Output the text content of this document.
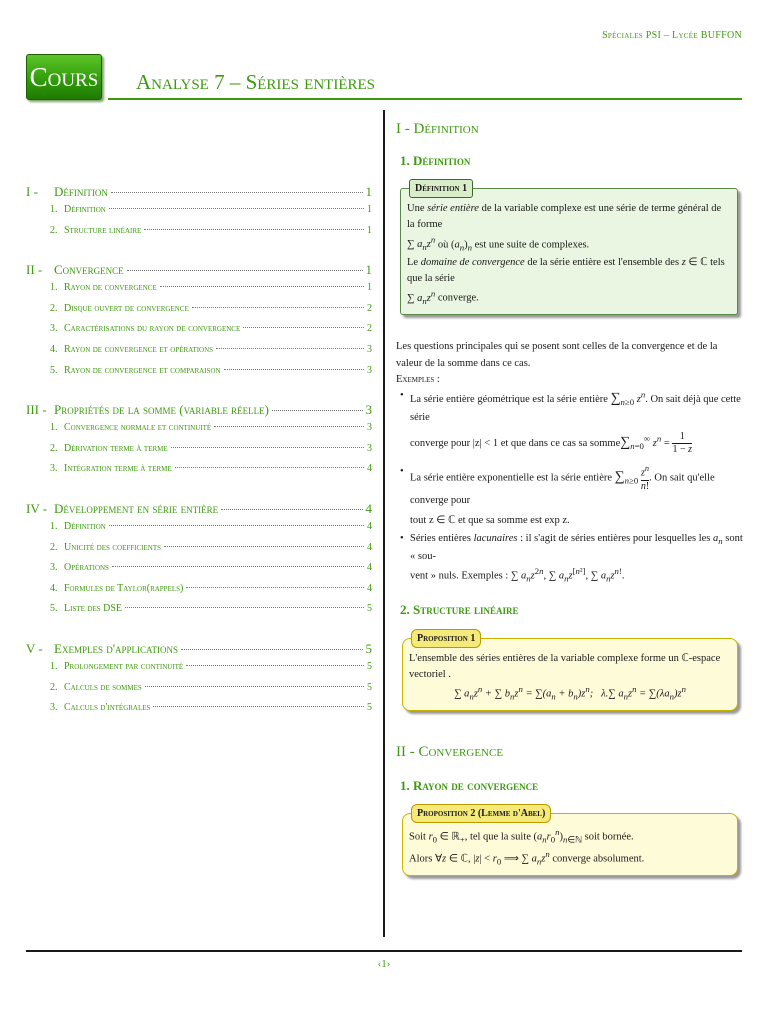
Spéciales PSI – Lycée BUFFON
Cours Analyse 7 – Séries entières
I -	Définition	1
1. Définition	1
2. Structure linéaire	1
II - Convergence	1
1. Rayon de convergence	1
2. Disque ouvert de convergence	2
3. Caractérisations du rayon de convergence	2
4. Rayon de convergence et opérations	3
5. Rayon de convergence et comparaison	3
III - Propriétés de la somme (variable réelle)	3
1. Convergence normale et continuité	3
2. Dérivation terme à terme	3
3. Intégration terme à terme	4
IV - Développement en série entière	4
1. Définition	4
2. Unicité des coefficients	4
3. Opérations	4
4. Formules de Taylor(rappels)	4
5. Liste des DSE	5
V - Exemples d'applications	5
1. Prolongement par continuité	5
2. Calculs de sommes	5
3. Calculs d'intégrales	5
I - Définition
1. Définition
Définition 1

Une série entière de la variable complexe est une série de terme général de la forme
∑ $a_nz^n$ où $(a_n)_n$ est une suite de complexes.
Le domaine de convergence de la série entière est l'ensemble des z ∈ ℂ tels que la série
∑ $a_nz^n$ converge.

Les questions principales qui se posent sont celles de la convergence et de la valeur de la somme dans ce cas.

Exemples :

• La série entière géométrique est la série entière $\sum_{n\ge 0}$ $z^n$. On sait déjà que cette série
converge pour |z| < 1 et que dans ce cas sa $somme\sum_{n=0}^\infty$ $z^n = \frac{1}{1 - z}$
• La série entière exponentielle est la série entière $\sum_{n\ge 0} \frac{z^n}{n!}$ . On sait qu'elle converge pour
tout z ∈ ℂ et que sa somme est exp z.
• Séries entières lacunaires : il s'agit de séries entières pour lesquelles les $a_n$ sont « sou-
vent » nuls. Exemples : ∑ $a_nz^{2n}$, ∑ $a_nz[n^2]$, ∑ $a_nz^{n!}$.
2. Structure linéaire
Proposition 1

L'ensemble des séries entières de la variable complexe forme un ℂ-espace vectoriel .

∑ $a_nz^n$ + ∑ $b_nz^n = \sum(a_n + b_n)z^n$;   λ.∑ $a_nz^n = \sum(\lambda a_n)z^n$

II - Convergence
1. Rayon de convergence
Proposition 2 (Lemme d'Abel)

Soit $r_0$ ∈ ℝ$_+$, tel que la suite $(a_nr_0^n)_{n\in ℕ}$ soit bornée.
Alors ∀z ∈ ℂ, $|z| < r_0$ ⟹ ∑ $a_nz^n$ converge absolument.

‹1›
